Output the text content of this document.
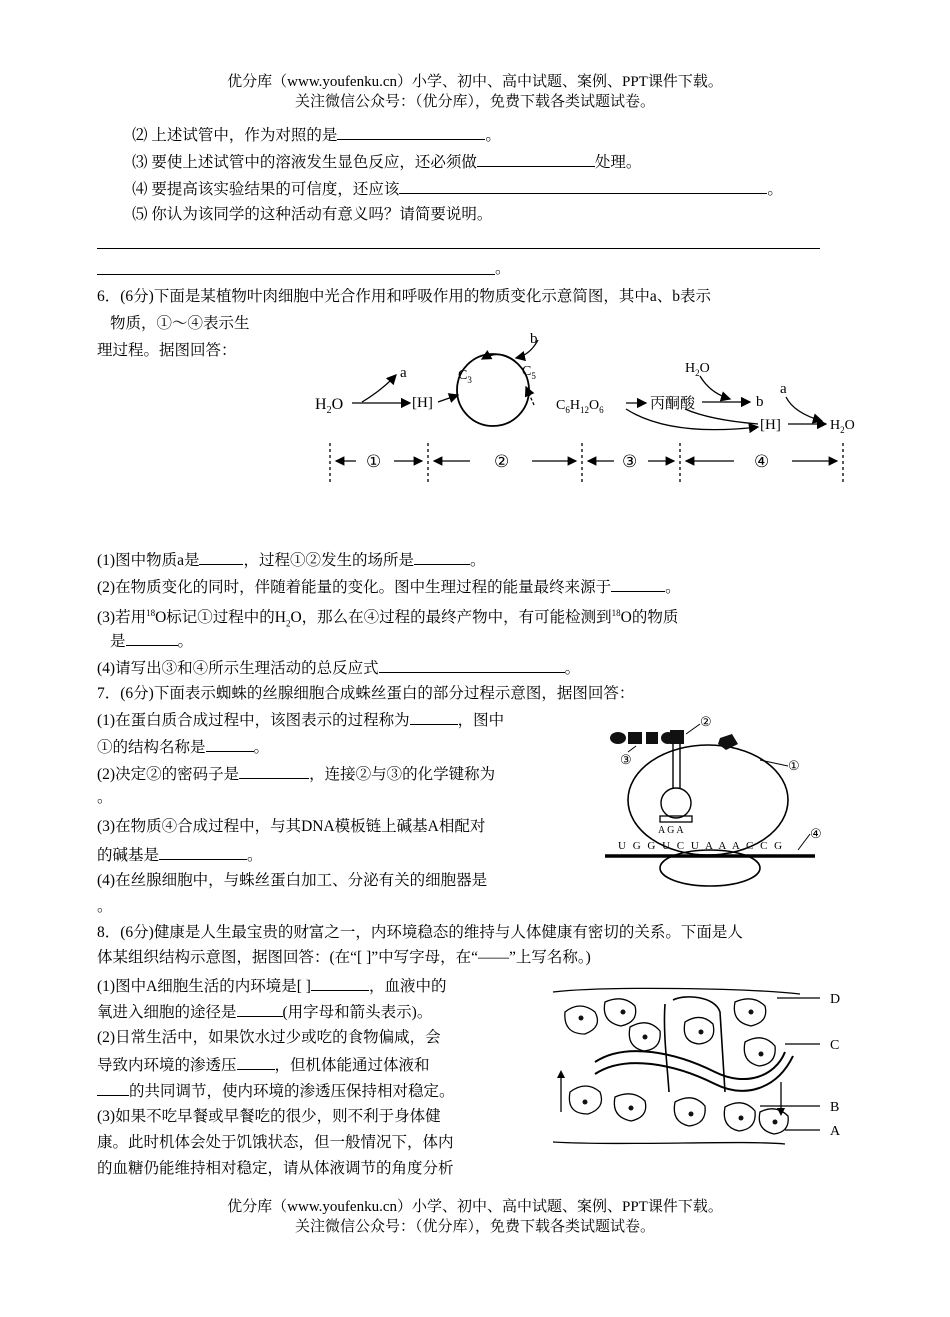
优分库（www.youfenku.cn）小学、初中、高中试题、案例、PPT课件下载。
关注微信公众号：（优分库），免费下载各类试题试卷。
⑵ 上述试管中，作为对照的是	。
⑶ 要使上述试管中的溶液发生显色反应，还必须做	处理。
⑷ 要提高该实验结果的可信度，还应该	。
⑸ 你认为该同学的这种活动有意义吗？请简要说明。
。
6．(6分)下面是某植物叶肉细胞中光合作用和呼吸作用的物质变化示意简图，其中a、b表示
物质，①～④表示生
理过程。据图回答：
$H_2O$
a
[H]
b
$C_3$
$C_5$
$C_6H_{12}O_6$	丙酮酸
$H_2O$
b
a
[H]	$H_2O$
①	②	③	④
(1)图中物质a是	，过程①②发生的场所是	。
(2)在物质变化的同时，伴随着能量的变化。图中生理过程的能量最终来源于	。
(3)若用$^{18}$O标记①过程中的$H_2O$，那么在④过程的最终产物中，有可能检测到$^{18}$O的物质
是	。
(4)请写出③和④所示生理活动的总反应式	。
7．(6分)下面表示蜘蛛的丝腺细胞合成蛛丝蛋白的部分过程示意图，据图回答：
(1)在蛋白质合成过程中，该图表示的过程称为	，图中
①的结构名称是	。
(2)决定②的密码子是	，连接②与③的化学键称为
。
(3)在物质④合成过程中，与其DNA模板链上碱基A相配对
的碱基是	。
(4)在丝腺细胞中，与蛛丝蛋白加工、分泌有关的细胞器是
。
U G G U C U A A A C C G
A G A
③
②
①
④
8．(6分)健康是人生最宝贵的财富之一，内环境稳态的维持与人体健康有密切的关系。下面是人
体某组织结构示意图，据图回答：(在“[ ]”中写字母，在“——”上写名称。)
(1)图中A细胞生活的内环境是[ ]	，血液中的
氧进入细胞的途径是	(用字母和箭头表示)。
(2)日常生活中，如果饮水过少或吃的食物偏咸，会
导致内环境的渗透压 ，但机体能通过体液和
的共同调节，使内环境的渗透压保持相对稳定。
(3)如果不吃早餐或早餐吃的很少，则不利于身体健
康。此时机体会处于饥饿状态，但一般情况下，体内
的血糖仍能维持相对稳定，请从体液调节的角度分析
D
C
B
A
优分库（www.youfenku.cn）小学、初中、高中试题、案例、PPT课件下载。
关注微信公众号：（优分库），免费下载各类试题试卷。
